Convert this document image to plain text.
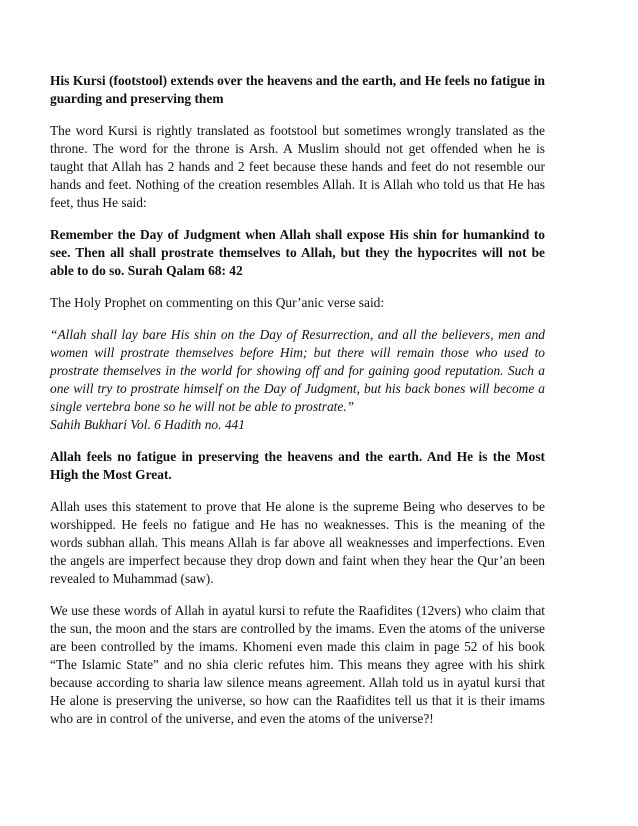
His Kursi (footstool) extends over the heavens and the earth, and He feels no fatigue in guarding and preserving them

The word Kursi is rightly translated as footstool but sometimes wrongly translated as the throne. The word for the throne is Arsh. A Muslim should not get offended when he is taught that Allah has 2 hands and 2 feet because these hands and feet do not resemble our hands and feet. Nothing of the creation resembles Allah. It is Allah who told us that He has feet, thus He said:

Remember the Day of Judgment when Allah shall expose His shin for humankind to see. Then all shall prostrate themselves to Allah, but they the hypocrites will not be able to do so. Surah Qalam 68: 42

The Holy Prophet on commenting on this Qur’anic verse said:

“Allah shall lay bare His shin on the Day of Resurrection, and all the believers, men and women will prostrate themselves before Him; but there will remain those who used to prostrate themselves in the world for showing off and for gaining good reputation. Such a one will try to prostrate himself on the Day of Judgment, but his back bones will become a single vertebra bone so he will not be able to prostrate.”

Sahih Bukhari Vol. 6 Hadith no. 441

Allah feels no fatigue in preserving the heavens and the earth. And He is the Most High the Most Great.

Allah uses this statement to prove that He alone is the supreme Being who deserves to be worshipped. He feels no fatigue and He has no weaknesses. This is the meaning of the words subhan allah. This means Allah is far above all weaknesses and imperfections. Even the angels are imperfect because they drop down and faint when they hear the Qur’an been revealed to Muhammad (saw).

We use these words of Allah in ayatul kursi to refute the Raafidites (12vers) who claim that the sun, the moon and the stars are controlled by the imams. Even the atoms of the universe are been controlled by the imams. Khomeni even made this claim in page 52 of his book “The Islamic State” and no shia cleric refutes him. This means they agree with his shirk because according to sharia law silence means agreement. Allah told us in ayatul kursi that He alone is preserving the universe, so how can the Raafidites tell us that it is their imams who are in control of the universe, and even the atoms of the universe?!
